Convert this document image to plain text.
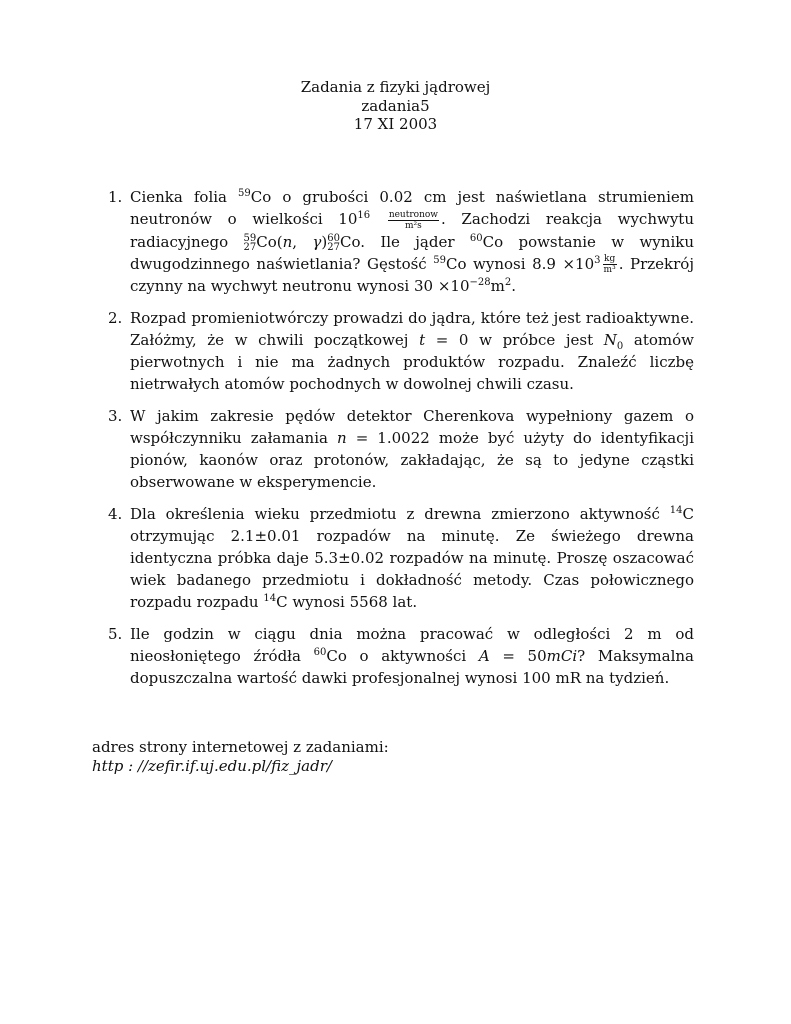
Zadania z fizyki jądrowej
zadania5
17 XI 2003
1. Cienka folia $^{59}$Co o grubości 0.02 cm jest naświetlana strumieniem neutronów o wielkości $10^{16} \frac{\text{neutronow}}{\text{m²s}}$ . Zachodzi reakcja wychwytu radiacyjnego 59
27 Co(n, γ) 60
27 Co. Ile jąder $^{60}$Co powstanie w wyniku dwugodzinnego naświetlania? Gęstość $^{59}$Co wynosi $8.9 \times 10^3 \frac{kg}{\text{m³}}$ . Przekrój czynny na wychwyt neutronu wynosi $30 \times 10^{-28}m^2$.
2. Rozpad promieniotwórczy prowadzi do jądra, które też jest radioaktywne. Załóżmy, że w chwili początkowej t = 0 w próbce jest $N_0$ atomów pierwotnych i nie ma żadnych produktów rozpadu. Znaleźć liczbę nietrwałych atomów pochodnych w dowolnej chwili czasu.
3. W jakim zakresie pędów detektor Cherenkova wypełniony gazem o współczynniku załamania n = 1.0022 może być użyty do identyfikacji pionów, kaonów oraz protonów, zakładając, że są to jedyne cząstki obserwowane w eksperymencie.
4. Dla określenia wieku przedmiotu z drewna zmierzono aktywność $^{14}$C otrzymując 2.1±0.01 rozpadów na minutę. Ze świeżego drewna identyczna próbka daje 5.3±0.02 rozpadów na minutę. Proszę oszacować wiek badanego przedmiotu i dokładność metody. Czas połowicznego rozpadu rozpadu $^{14}$C wynosi 5568 lat.
5. Ile godzin w ciągu dnia można pracować w odległości 2 m od nieosłoniętego źródła $^{60}$Co o aktywności A = 50mCi? Maksymalna dopuszczalna wartość dawki profesjonalnej wynosi 100 mR na tydzień.
adres strony internetowej z zadaniami:
http : //zefir.if.uj.edu.pl/fiz_jadr/
